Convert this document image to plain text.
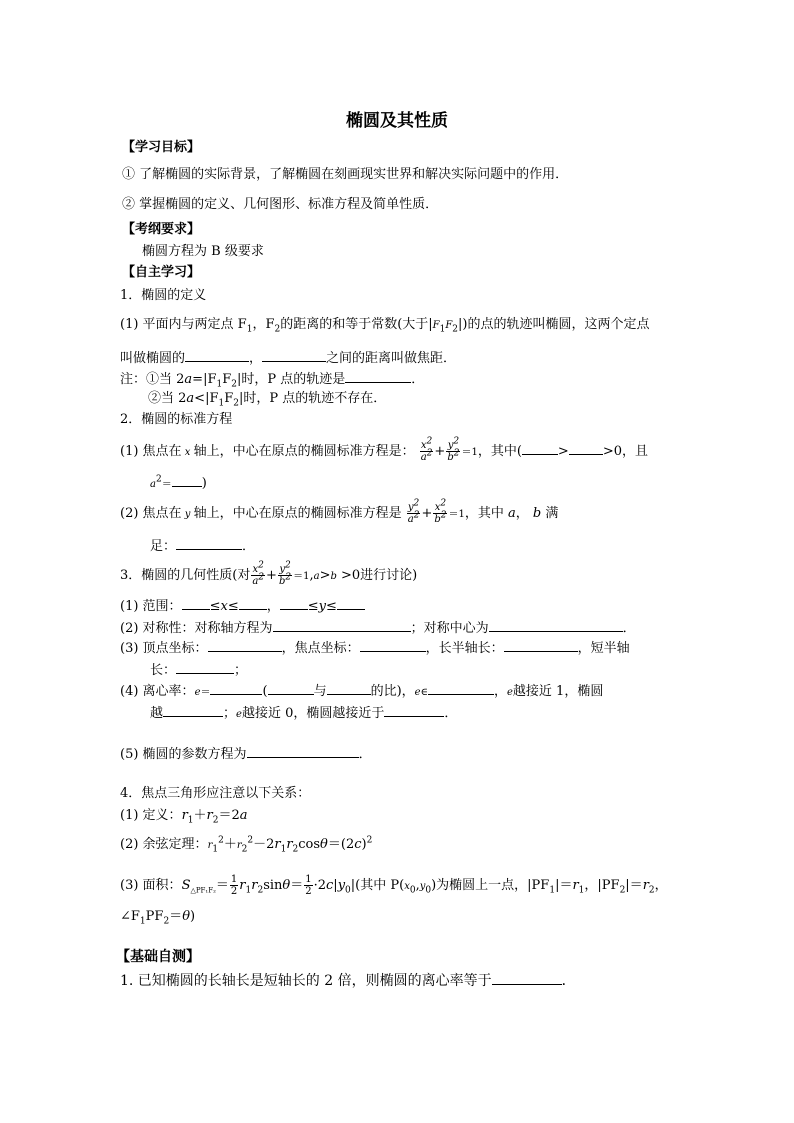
椭圆及其性质
【学习目标】
① 了解椭圆的实际背景，了解椭圆在刻画现实世界和解决实际问题中的作用．
② 掌握椭圆的定义、几何图形、标准方程及简单性质．
【考纲要求】
椭圆方程为 B 级要求
【自主学习】
1．椭圆的定义
(1) 平面内与两定点 $F_1$，$F_2$的距离的和等于常数(大于$|F_1F_2|$)的点的轨迹叫椭圆，这两个定点
叫做椭圆的	，	之间的距离叫做焦距．
注：①当 $2a=|F_1F_2|$时，P 点的轨迹是	．
②当 $2a<|F_1F_2|$时，P 点的轨迹不存在．
2．椭圆的标准方程
(1) 焦点在 x 轴上，中心在原点的椭圆标准方程是： $\frac{x^2}{a^2} + \frac{y^2}{b^2} =1$，其中(	>	>0，且
$a^2=$ )
(2) 焦点在 y 轴上，中心在原点的椭圆标准方程是 $\frac{y^2}{a^2} + \frac{x^2}{b^2} =1$，其中 a， b 满
足：	．
3．椭圆的几何性质(对 $\frac{x^2}{a^2} + \frac{y^2}{b^2} =1,a>b >0$进行讨论)
(1) 范围： ≤x≤ ， ≤y≤
(2) 对称性：对称轴方程为	；对称中心为	．
(3) 顶点坐标：	，焦点坐标：	，长半轴长：	，短半轴
长：	；
(4) 离心率：e＝	(	与	的比)，e∈	，e越接近 1，椭圆
越	；e越接近 0，椭圆越接近于	．
(5) 椭圆的参数方程为	．
4．焦点三角形应注意以下关系：
(1) 定义：$r_1+r_2=2a$
(2) 余弦定理：$r_1^2+r_2^2-2r_1r_2\cos\theta=(2c)^2$
(3) 面积：$S_{\triangle PF_1F_2}= \frac{1}{2} r_1r_2\sin\theta= \frac{1}{2} \cdot 2c|y_0|$(其中 $P(x_0,y_0)$为椭圆上一点，$|PF_1|=r_1$，$|PF_2|=r_2$，
$\angle F_1PF_2=\theta$)
【基础自测】
1. 已知椭圆的长轴长是短轴长的 2 倍，则椭圆的离心率等于	．
